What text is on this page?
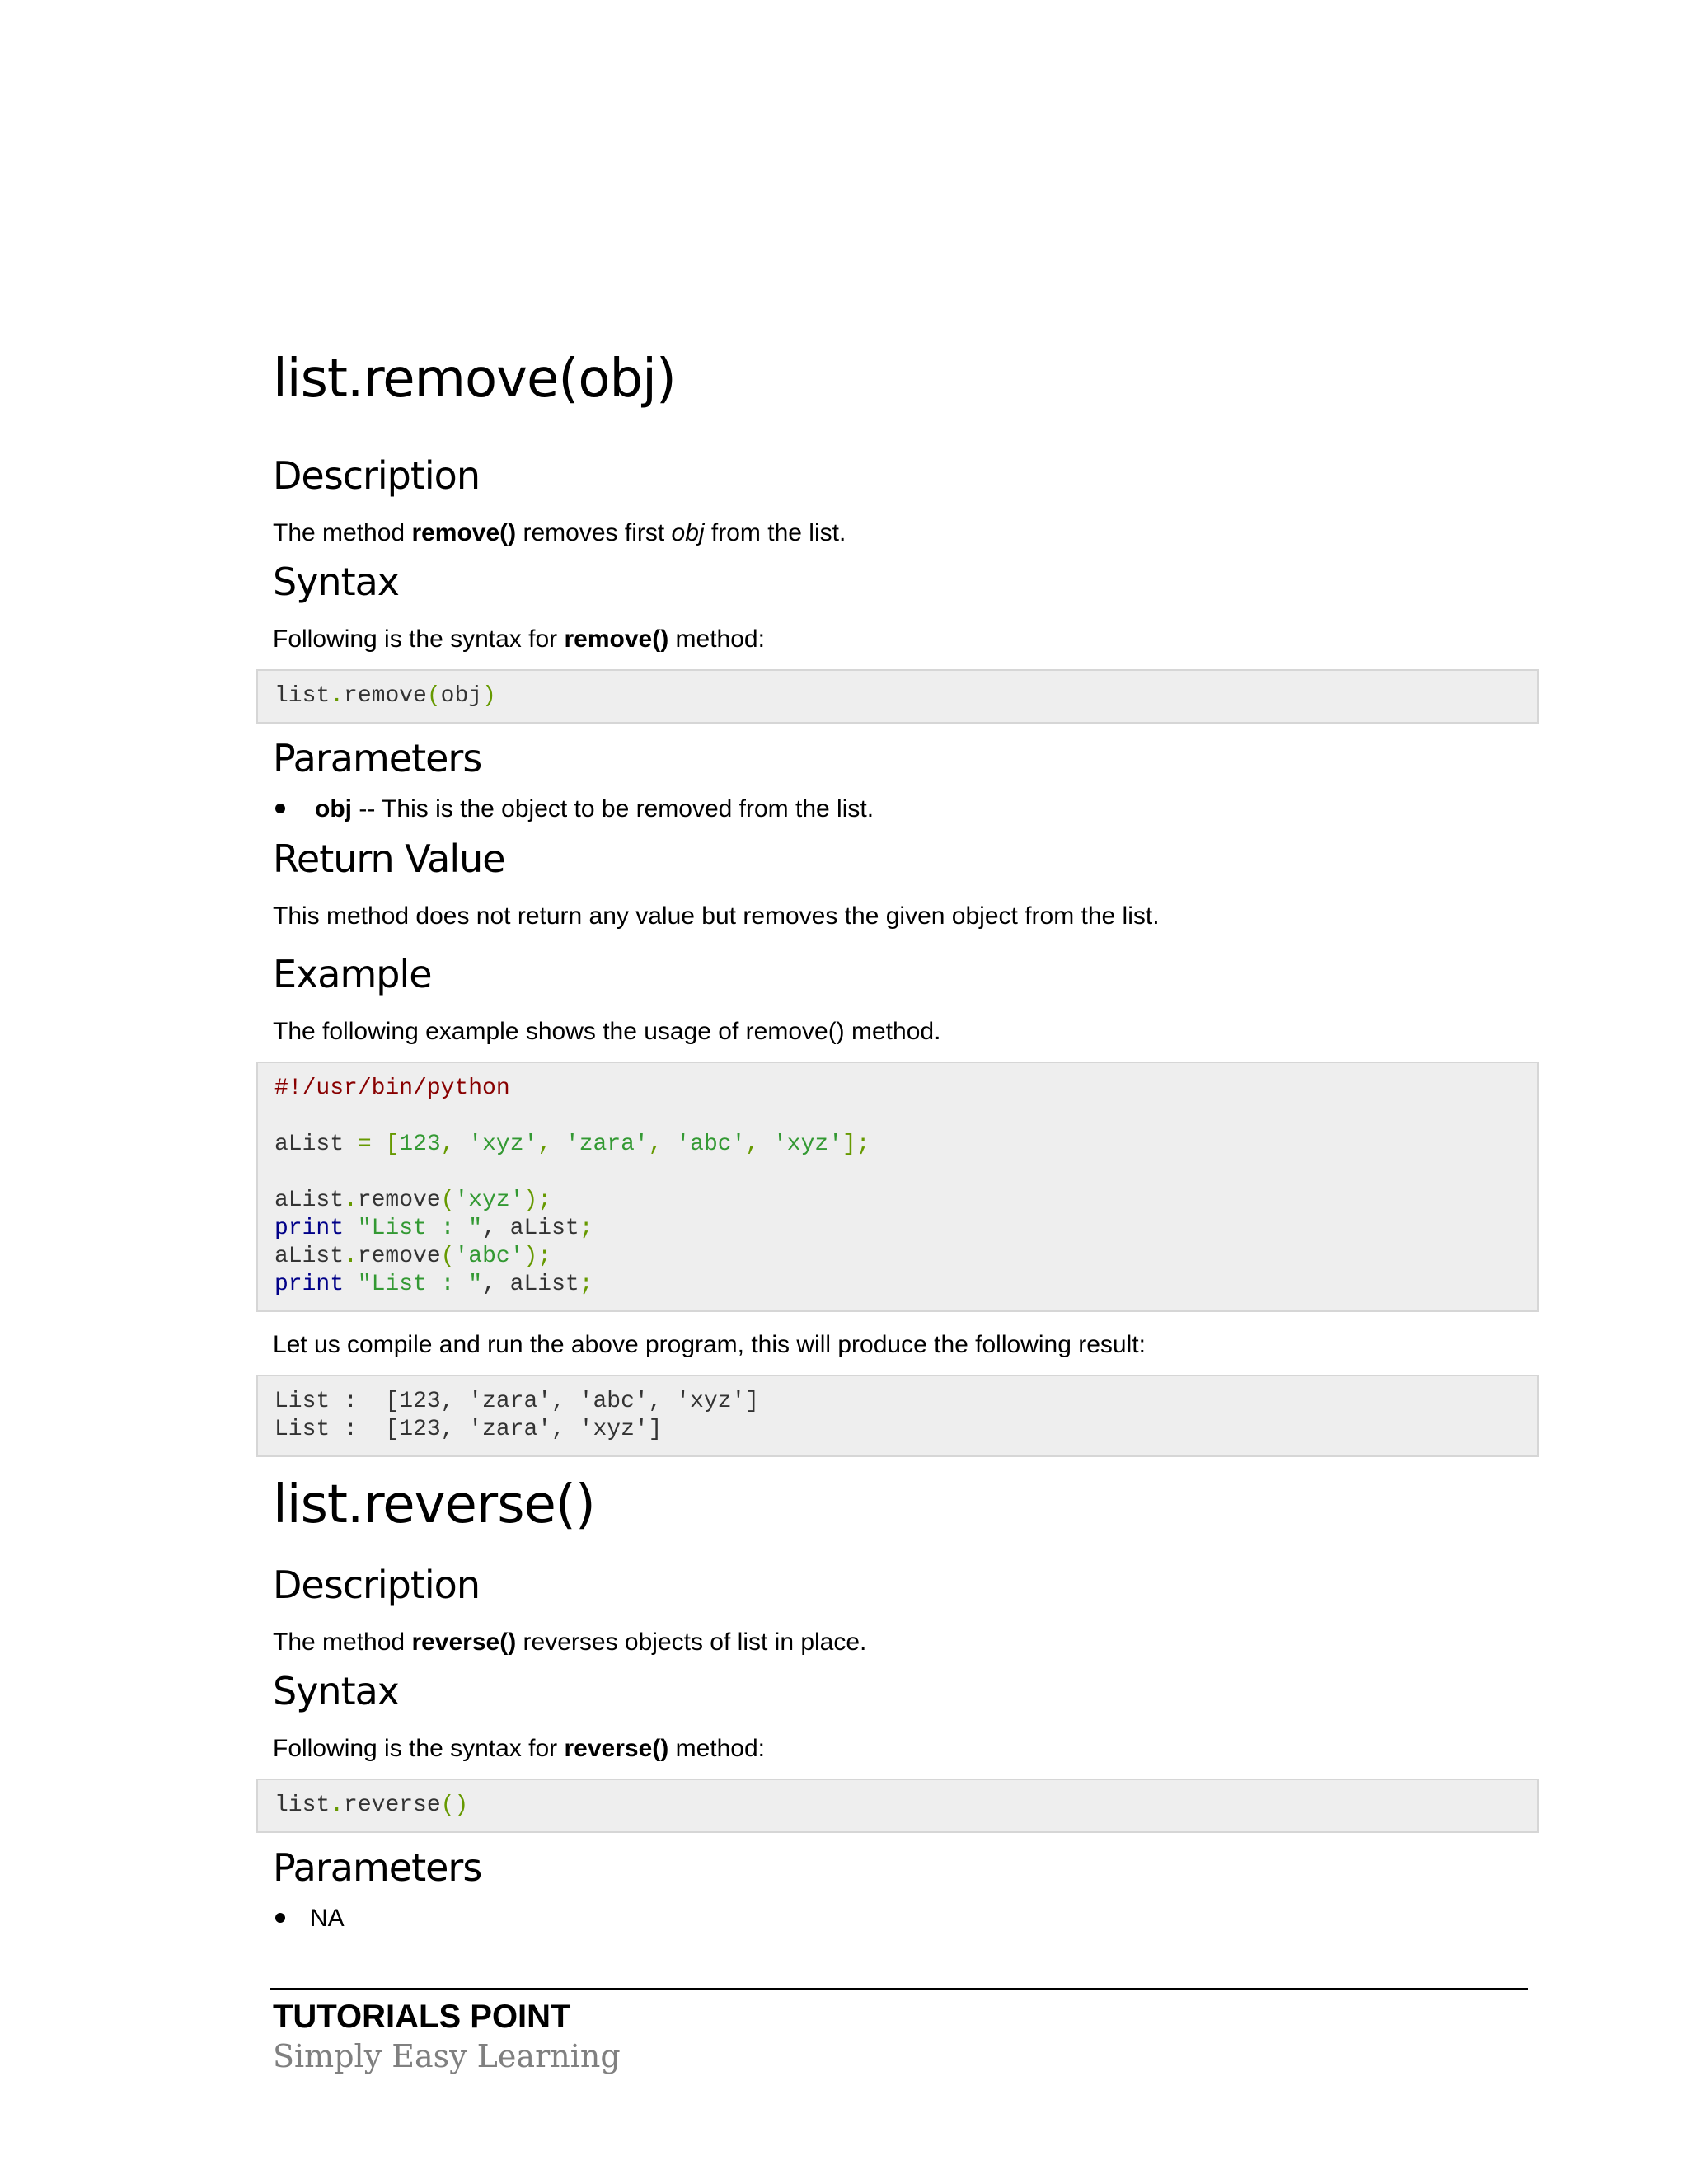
list.remove(obj)
Description

The method remove() removes first obj from the list.

Syntax

Following is the syntax for remove() method:

list.remove(obj)
Parameters

obj -- This is the object to be removed from the list.

Return Value

This method does not return any value but removes the given object from the list.

Example

The following example shows the usage of remove() method.

#!/usr/bin/python
aList = [123, 'xyz', 'zara', 'abc', 'xyz'];
aList.remove('xyz');
print "List : ", aList;
aList.remove('abc');
print "List : ", aList;

Let us compile and run the above program, this will produce the following result:

List :  [123, 'zara', 'abc', 'xyz']
List :  [123, 'zara', 'xyz']
list.reverse()
Description

The method reverse() reverses objects of list in place.

Syntax

Following is the syntax for reverse() method:

list.reverse()
Parameters

NA

TUTORIALS POINT

Simply Easy Learning
